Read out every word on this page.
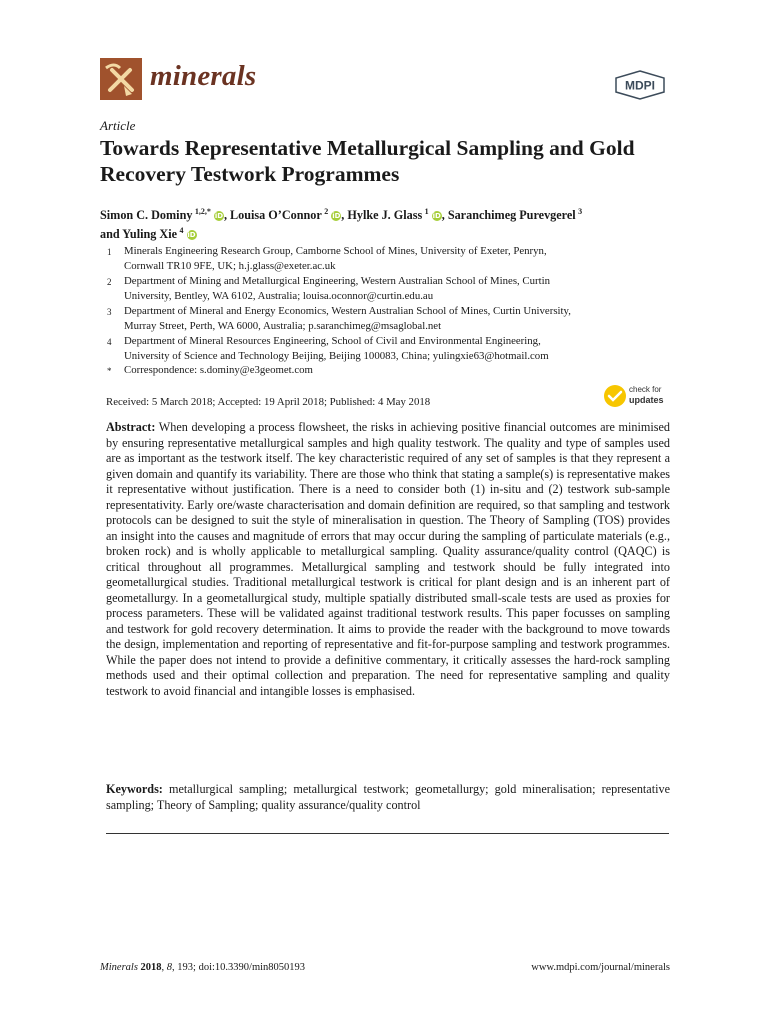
minerals	MDPI
Article
Towards Representative Metallurgical Sampling and Gold Recovery Testwork Programmes
Simon C. Dominy  $^{1,2,*}$ iD, Louisa O’Connor  $^2$ iD, Hylke J. Glass  $^1$ iD, Saranchimeg Purevgerel  $^3$
and Yuling Xie  $^4$ iD
1 Minerals Engineering Research Group, Camborne School of Mines, University of Exeter, Penryn,
Cornwall TR10 9FE, UK; h.j.glass@exeter.ac.uk
2 Department of Mining and Metallurgical Engineering, Western Australian School of Mines, Curtin
University, Bentley, WA 6102, Australia; louisa.oconnor@curtin.edu.au
3 Department of Mineral and Energy Economics, Western Australian School of Mines, Curtin University,
Murray Street, Perth, WA 6000, Australia; p.saranchimeg@msaglobal.net
4 Department of Mineral Resources Engineering, School of Civil and Environmental Engineering,
University of Science and Technology Beijing, Beijing 100083, China; yulingxie63@hotmail.com
* Correspondence: s.dominy@e3geomet.com
Received: 5 March 2018; Accepted: 19 April 2018; Published: 4 May 2018
check for
updates
Abstract: When developing a process flowsheet, the risks in achieving positive financial outcomes are minimised by ensuring representative metallurgical samples and high quality testwork. The quality and type of samples used are as important as the testwork itself. The key characteristic required of any set of samples is that they represent a given domain and quantify its variability. There are those who think that stating a sample(s) is representative makes it representative without justification. There is a need to consider both (1) in-situ and (2) testwork sub-sample representativity. Early ore/waste characterisation and domain definition are required, so that sampling and testwork protocols can be designed to suit the style of mineralisation in question. The Theory of Sampling (TOS) provides an insight into the causes and magnitude of errors that may occur during the sampling of particulate materials (e.g., broken rock) and is wholly applicable to metallurgical sampling. Quality assurance/quality control (QAQC) is critical throughout all programmes. Metallurgical sampling and testwork should be fully integrated into geometallurgical studies. Traditional metallurgical testwork is critical for plant design and is an inherent part of geometallurgy. In a geometallurgical study, multiple spatially distributed small-scale tests are used as proxies for process parameters. These will be validated against traditional testwork results. This paper focusses on sampling and testwork for gold recovery determination. It aims to provide the reader with the background to move towards the design, implementation and reporting of representative and fit-for-purpose sampling and testwork programmes. While the paper does not intend to provide a definitive commentary, it critically assesses the hard-rock sampling methods used and their optimal collection and preparation. The need for representative sampling and quality testwork to avoid financial and intangible losses is emphasised.
Keywords: metallurgical sampling; metallurgical testwork; geometallurgy; gold mineralisation; representative sampling; Theory of Sampling; quality assurance/quality control
Minerals 2018, 8, 193; doi:10.3390/min8050193	www.mdpi.com/journal/minerals
